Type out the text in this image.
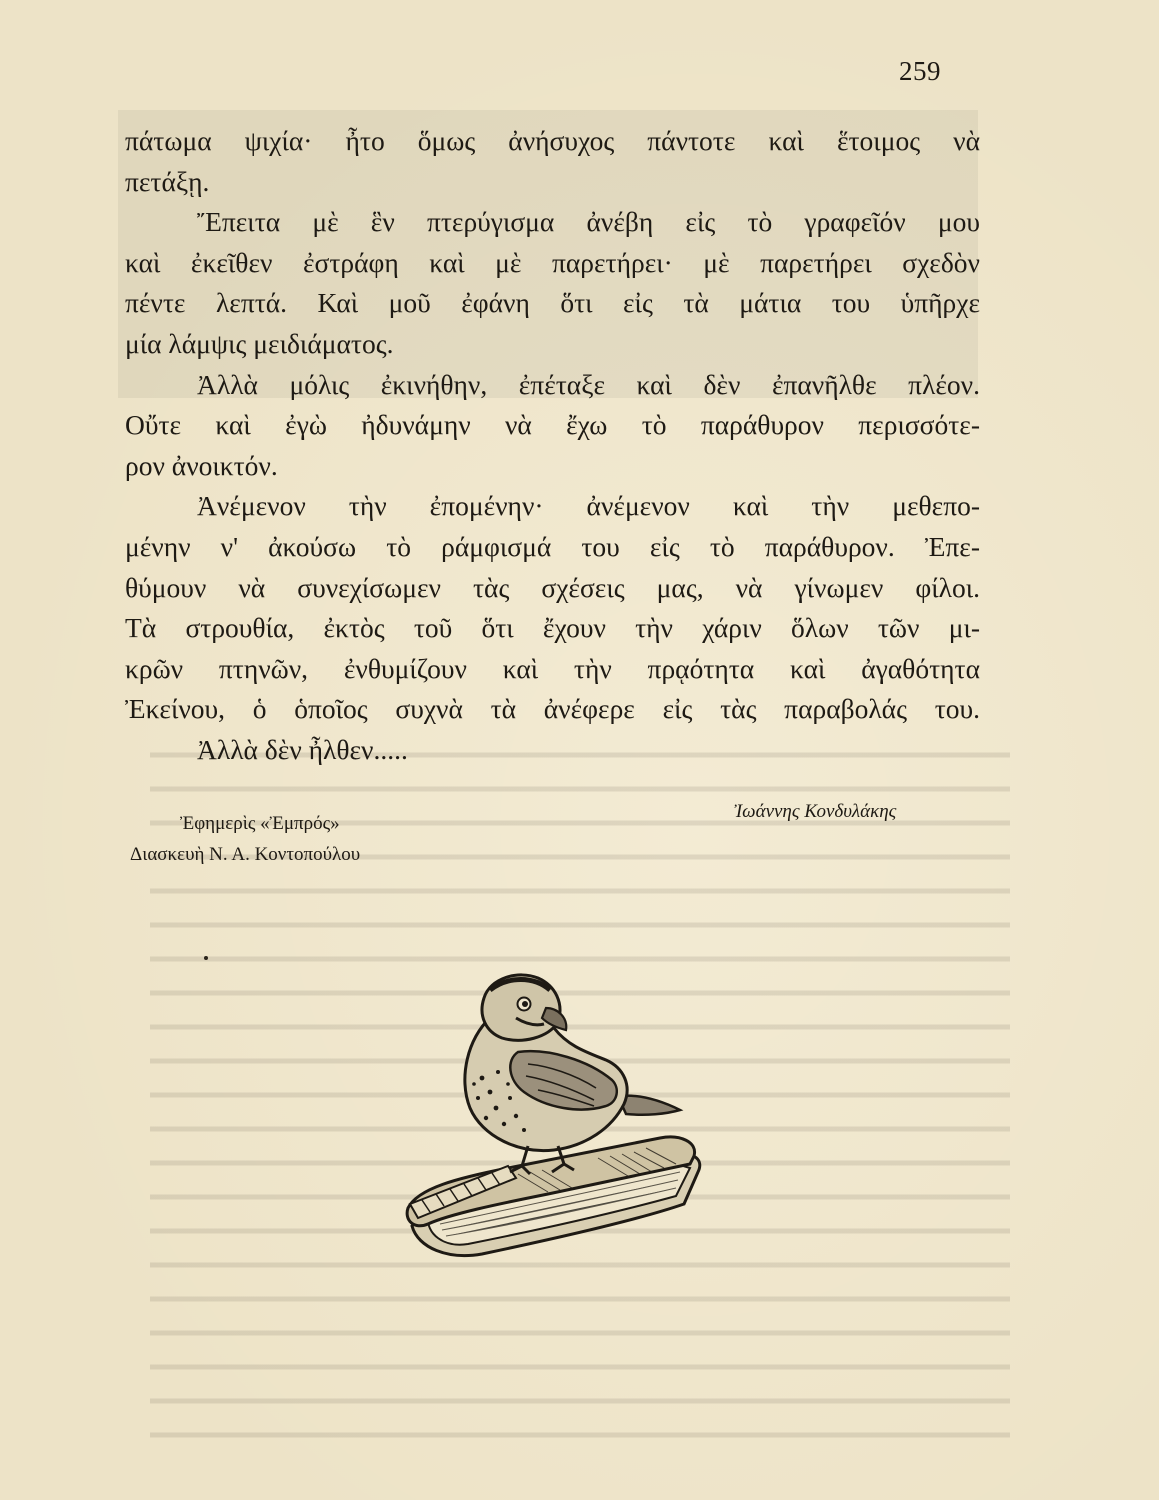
259
πάτωμα ψιχία· ἦτο ὅμως ἀνήσυχος πάντοτε καὶ ἕτοιμος νὰ
πετάξῃ.
Ἔπειτα μὲ ἓν πτερύγισμα ἀνέβη εἰς τὸ γραφεῖόν μου
καὶ ἐκεῖθεν ἐστράφη καὶ μὲ παρετήρει· μὲ παρετήρει σχεδὸν
πέντε λεπτά. Καὶ μοῦ ἐφάνη ὅτι εἰς τὰ μάτια του ὑπῆρχε
μία λάμψις μειδιάματος.
Ἀλλὰ μόλις ἐκινήθην, ἐπέταξε καὶ δὲν ἐπανῆλθε πλέον.
Οὔτε καὶ ἐγὼ ἠδυνάμην νὰ ἔχω τὸ παράθυρον περισσότε-
ρον ἀνοικτόν.
Ἀνέμενον τὴν ἐπομένην· ἀνέμενον καὶ τὴν μεθεπο-
μένην ν' ἀκούσω τὸ ράμφισμά του εἰς τὸ παράθυρον. Ἐπε-
θύμουν νὰ συνεχίσωμεν τὰς σχέσεις μας, νὰ γίνωμεν φίλοι.
Τὰ στρουθία, ἐκτὸς τοῦ ὅτι ἔχουν τὴν χάριν ὅλων τῶν μι-
κρῶν πτηνῶν, ἐνθυμίζουν καὶ τὴν πρᾳότητα καὶ ἀγαθότητα
Ἐκείνου, ὁ ὁποῖος συχνὰ τὰ ἀνέφερε εἰς τὰς παραβολάς του.
Ἀλλὰ δὲν ἦλθεν.....
Ἐφημερὶς «Ἐμπρός»
Διασκευὴ Ν. Α. Κοντοπούλου
Ἰωάννης Κονδυλάκης
